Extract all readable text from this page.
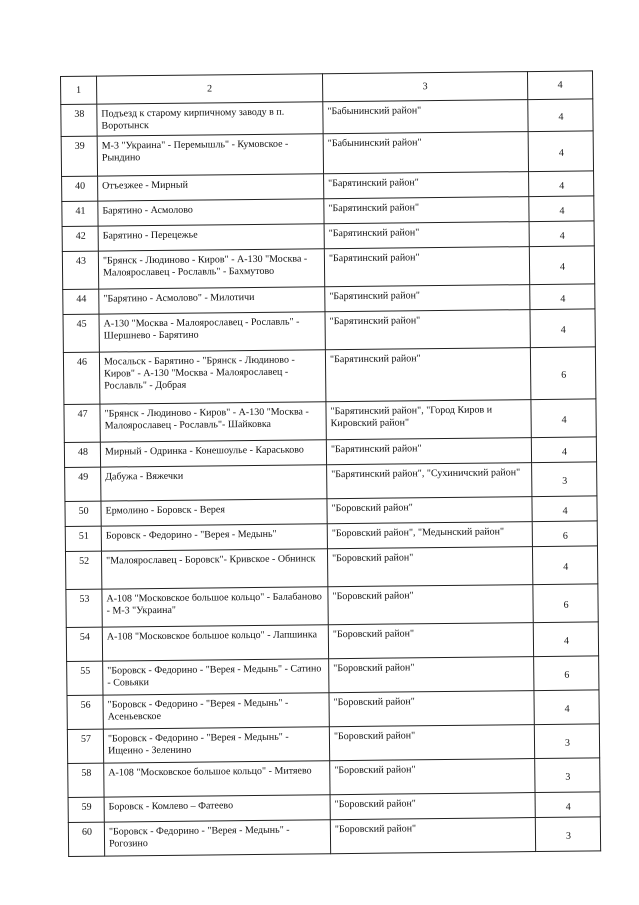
1	2	3	4
38	Подъезд к старому кирпичному заводу в п. Воротынск	"Бабынинский район"	4
39	М-3 "Украина" - Перемышль" - Кумовское - Рындино	"Бабынинский район"	4
40	Отъезжее - Мирный	"Барятинский район"	4
41	Барятино - Асмолово	"Барятинский район"	4
42	Барятино - Перецежье	"Барятинский район"	4
43	"Брянск - Людиново - Киров" - А-130 "Москва - Малоярославец - Рославль" - Бахмутово	"Барятинский район"	4
44	"Барятино - Асмолово" - Милотичи	"Барятинский район"	4
45	А-130 "Москва - Малоярославец - Рославль" - Шершнево - Барятино	"Барятинский район"	4
46	Мосальск - Барятино - "Брянск - Людиново - Киров" - А-130 "Москва - Малоярославец - Рославль" - Добрая	"Барятинский район"	6
47	"Брянск - Людиново - Киров" - А-130 "Москва - Малоярославец - Рославль"- Шайковка	"Барятинский район", "Город Киров и Кировский район"	4
48	Мирный - Одринка - Конешоулье - Караськово	"Барятинский район"	4
49	Дабужа - Вяжечки	"Барятинский район", "Сухиничский район"	3
50	Ермолино - Боровск - Верея	"Боровский район"	4
51	Боровск - Федорино - "Верея - Медынь"	"Боровский район", "Медынский район"	6
52	"Малоярославец - Боровск"- Кривское - Обнинск	"Боровский район"	4
53	А-108 "Московское большое кольцо" - Балабаново - М-3 "Украина"	"Боровский район"	6
54	А-108 "Московское большое кольцо" - Лапшинка	"Боровский район"	4
55	"Боровск - Федорино - "Верея - Медынь" - Сатино - Совьяки	"Боровский район"	6
56	"Боровск - Федорино - "Верея - Медынь" - Асеньевское	"Боровский район"	4
57	"Боровск - Федорино - "Верея - Медынь" - Ищеино - Зеленино	"Боровский район"	3
58	А-108 "Московское большое кольцо" - Митяево	"Боровский район"	3
59	Боровск - Комлево – Фатеево	"Боровский район"	4
60	"Боровск - Федорино - "Верея - Медынь" - Рогозино	"Боровский район"	3
